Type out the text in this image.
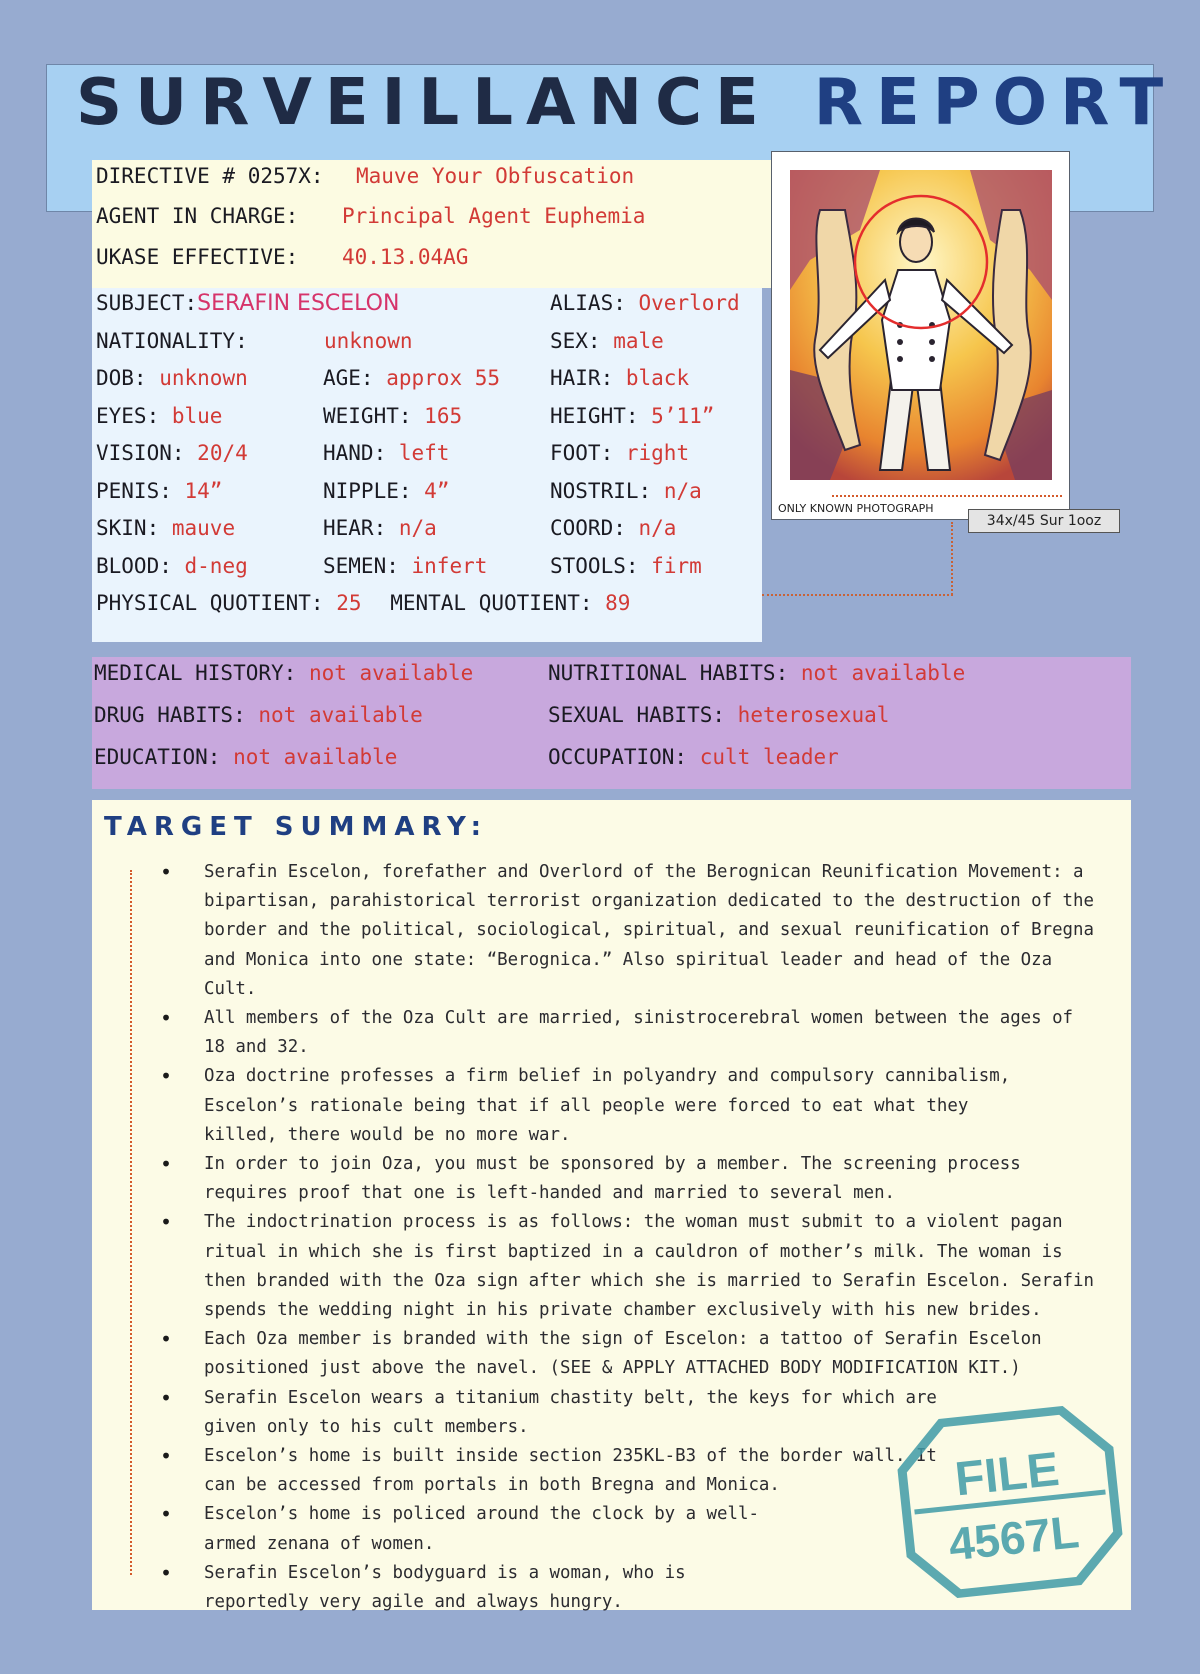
SURVEILLANCE REPORT
DIRECTIVE # 0257X: Mauve Your Obfuscation
AGENT IN CHARGE: Principal Agent Euphemia
UKASE EFFECTIVE: 40.13.04AG
SUBJECT:SERAFIN ESCELON	ALIAS: Overlord
NATIONALITY:	unknown	SEX: male
DOB: unknown	AGE: approx 55 HAIR: black
EYES: blue	WEIGHT: 165	HEIGHT: 5’11”
VISION: 20/4	HAND: left	FOOT: right
PENIS: 14”	NIPPLE: 4”	NOSTRIL: n/a
SKIN: mauve	HEAR: n/a	COORD: n/a
BLOOD: d-neg	SEMEN: infert	STOOLS: firm
PHYSICAL QUOTIENT: 25 MENTAL QUOTIENT: 89
ONLY KNOWN PHOTOGRAPH
34x/45 Sur 1ooz
MEDICAL HISTORY: not available	NUTRITIONAL HABITS: not available
DRUG HABITS: not available	SEXUAL HABITS: heterosexual
EDUCATION: not available	OCCUPATION: cult leader
TARGET SUMMARY:
• Serafin Escelon, forefather and Overlord of the Berognican Reunification Movement: a bipartisan, parahistorical terrorist organization dedicated to the destruction of the border and the political, sociological, spiritual, and sexual reunification of Bregna and Monica into one state: “Berognica.” Also spiritual leader and head of the Oza Cult.
• All members of the Oza Cult are married, sinistrocerebral women between the ages of 18 and 32.
• Oza doctrine professes a firm belief in polyandry and compulsory cannibalism, Escelon’s rationale being that if all people were forced to eat what they killed, there would be no more war.
• In order to join Oza, you must be sponsored by a member. The screening process requires proof that one is left-handed and married to several men.
• The indoctrination process is as follows: the woman must submit to a violent pagan ritual in which she is first baptized in a cauldron of mother’s milk. The woman is then branded with the Oza sign after which she is married to Serafin Escelon. Serafin spends the wedding night in his private chamber exclusively with his new brides.
• Each Oza member is branded with the sign of Escelon: a tattoo of Serafin Escelon positioned just above the navel. (SEE & APPLY ATTACHED BODY MODIFICATION KIT.)
• Serafin Escelon wears a titanium chastity belt, the keys for which are given only to his cult members.
• Escelon’s home is built inside section 235KL-B3 of the border wall. It can be accessed from portals in both Bregna and Monica.
• Escelon’s home is policed around the clock by a well-armed zenana of women.
• Serafin Escelon’s bodyguard is a woman, who is reportedly very agile and always hungry.
FILE
4567L
